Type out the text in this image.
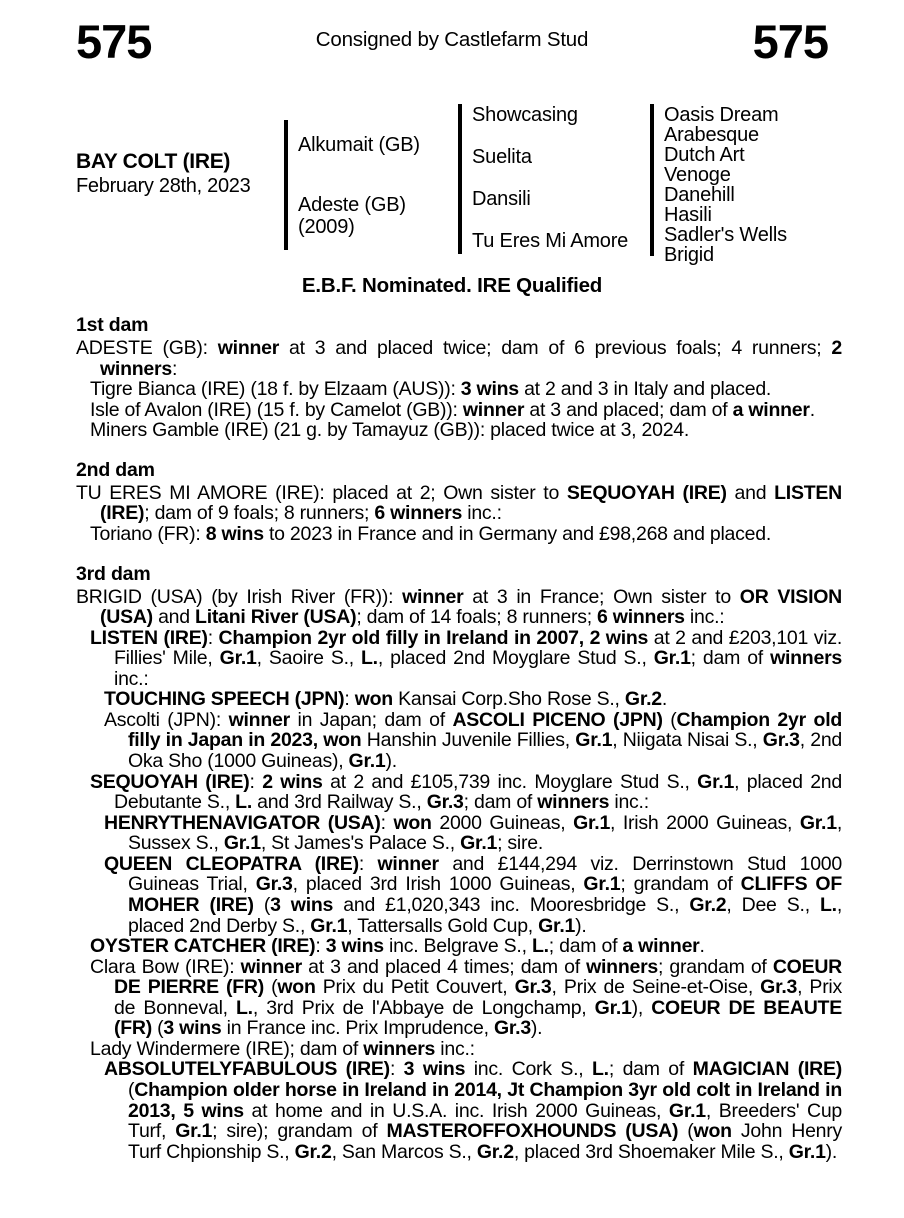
575	Consigned by Castlefarm Stud	575
BAY COLT (IRE)
February 28th, 2023
Alkumait (GB)
Adeste (GB)
(2009)
Showcasing
Suelita
Dansili
Tu Eres Mi Amore
Oasis Dream
Arabesque
Dutch Art
Venoge
Danehill
Hasili
Sadler's Wells
Brigid
E.B.F. Nominated. IRE Qualified
1st dam

ADESTE (GB): winner at 3 and placed twice; dam of 6 previous foals; 4 runners; 2 winners:

Tigre Bianca (IRE) (18 f. by Elzaam (AUS)): 3 wins at 2 and 3 in Italy and placed.

Isle of Avalon (IRE) (15 f. by Camelot (GB)): winner at 3 and placed; dam of a winner.

Miners Gamble (IRE) (21 g. by Tamayuz (GB)): placed twice at 3, 2024.

2nd dam

TU ERES MI AMORE (IRE): placed at 2; Own sister to SEQUOYAH (IRE) and LISTEN (IRE); dam of 9 foals; 8 runners; 6 winners inc.:

Toriano (FR): 8 wins to 2023 in France and in Germany and £98,268 and placed.

3rd dam

BRIGID (USA) (by Irish River (FR)): winner at 3 in France; Own sister to OR VISION (USA) and Litani River (USA); dam of 14 foals; 8 runners; 6 winners inc.:

LISTEN (IRE): Champion 2yr old filly in Ireland in 2007, 2 wins at 2 and £203,101 viz. Fillies' Mile, Gr.1, Saoire S., L., placed 2nd Moyglare Stud S., Gr.1; dam of winners inc.:

TOUCHING SPEECH (JPN): won Kansai Corp.Sho Rose S., Gr.2.

Ascolti (JPN): winner in Japan; dam of ASCOLI PICENO (JPN) (Champion 2yr old filly in Japan in 2023, won Hanshin Juvenile Fillies, Gr.1, Niigata Nisai S., Gr.3, 2nd Oka Sho (1000 Guineas), Gr.1).

SEQUOYAH (IRE): 2 wins at 2 and £105,739 inc. Moyglare Stud S., Gr.1, placed 2nd Debutante S., L. and 3rd Railway S., Gr.3; dam of winners inc.:

HENRYTHENAVIGATOR (USA): won 2000 Guineas, Gr.1, Irish 2000 Guineas, Gr.1, Sussex S., Gr.1, St James's Palace S., Gr.1; sire.

QUEEN CLEOPATRA (IRE): winner and £144,294 viz. Derrinstown Stud 1000 Guineas Trial, Gr.3, placed 3rd Irish 1000 Guineas, Gr.1; grandam of CLIFFS OF MOHER (IRE) (3 wins and £1,020,343 inc. Mooresbridge S., Gr.2, Dee S., L., placed 2nd Derby S., Gr.1, Tattersalls Gold Cup, Gr.1).

OYSTER CATCHER (IRE): 3 wins inc. Belgrave S., L.; dam of a winner.

Clara Bow (IRE): winner at 3 and placed 4 times; dam of winners; grandam of COEUR DE PIERRE (FR) (won Prix du Petit Couvert, Gr.3, Prix de Seine-et-Oise, Gr.3, Prix de Bonneval, L., 3rd Prix de l'Abbaye de Longchamp, Gr.1), COEUR DE BEAUTE (FR) (3 wins in France inc. Prix Imprudence, Gr.3).

Lady Windermere (IRE); dam of winners inc.:

ABSOLUTELYFABULOUS (IRE): 3 wins inc. Cork S., L.; dam of MAGICIAN (IRE) (Champion older horse in Ireland in 2014, Jt Champion 3yr old colt in Ireland in 2013, 5 wins at home and in U.S.A. inc. Irish 2000 Guineas, Gr.1, Breeders' Cup Turf, Gr.1; sire); grandam of MASTEROFFOXHOUNDS (USA) (won John Henry Turf Chpionship S., Gr.2, San Marcos S., Gr.2, placed 3rd Shoemaker Mile S., Gr.1).
